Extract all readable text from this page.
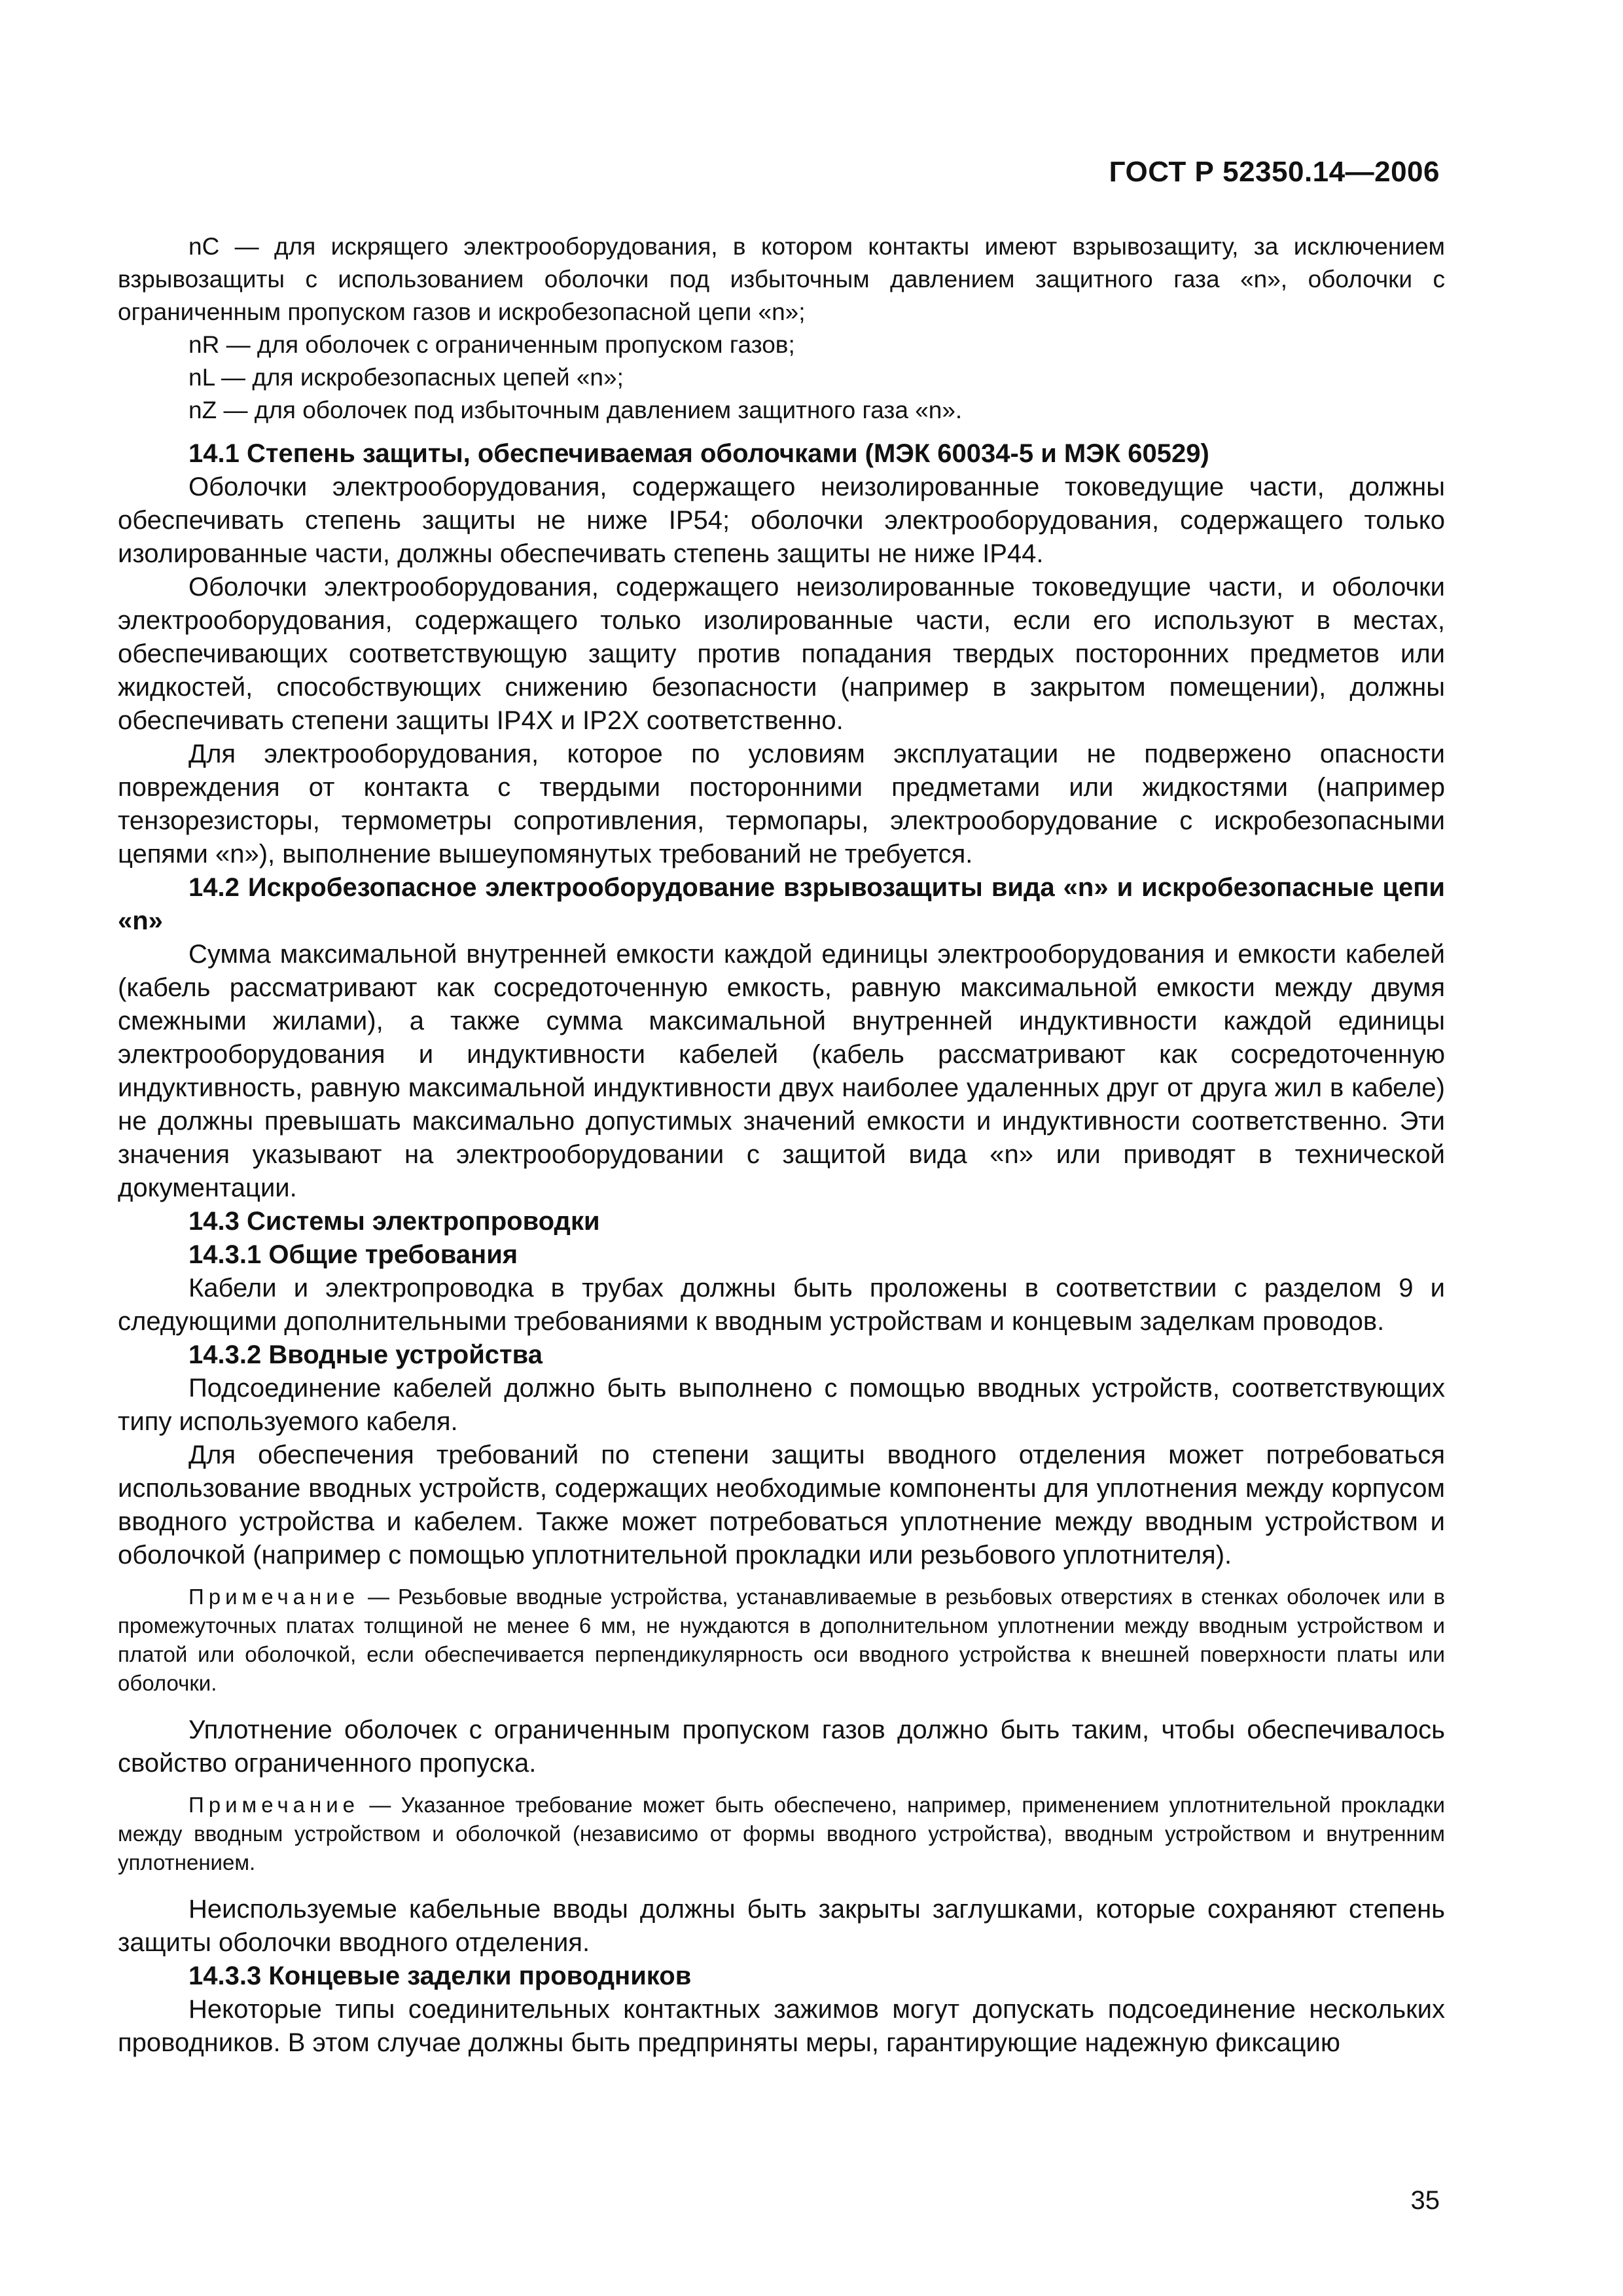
ГОСТ Р 52350.14—2006

nC — для искрящего электрооборудования, в котором контакты имеют взрывозащиту, за исключением взрывозащиты с использованием оболочки под избыточным давлением защитного газа «n», оболочки с ограниченным пропуском газов и искробезопасной цепи «n»;

nR — для оболочек с ограниченным пропуском газов;

nL — для искробезопасных цепей «n»;

nZ — для оболочек под избыточным давлением защитного газа «n».

14.1 Степень защиты, обеспечиваемая оболочками (МЭК 60034-5 и МЭК 60529)

Оболочки электрооборудования, содержащего неизолированные токоведущие части, должны обеспечивать степень защиты не ниже IP54; оболочки электрооборудования, содержащего только изолированные части, должны обеспечивать степень защиты не ниже IP44.

Оболочки электрооборудования, содержащего неизолированные токоведущие части, и оболочки электрооборудования, содержащего только изолированные части, если его используют в местах, обеспечивающих соответствующую защиту против попадания твердых посторонних предметов или жидкостей, способствующих снижению безопасности (например в закрытом помещении), должны обеспечивать степени защиты IP4X и IP2X соответственно.

Для электрооборудования, которое по условиям эксплуатации не подвержено опасности повреждения от контакта с твердыми посторонними предметами или жидкостями (например тензорезисторы, термометры сопротивления, термопары, электрооборудование с искробезопасными цепями «n»), выполнение вышеупомянутых требований не требуется.

14.2 Искробезопасное электрооборудование взрывозащиты вида «n» и искробезопасные цепи «n»

Сумма максимальной внутренней емкости каждой единицы электрооборудования и емкости кабелей (кабель рассматривают как сосредоточенную емкость, равную максимальной емкости между двумя смежными жилами), а также сумма максимальной внутренней индуктивности каждой единицы электрооборудования и индуктивности кабелей (кабель рассматривают как сосредоточенную индуктивность, равную максимальной индуктивности двух наиболее удаленных друг от друга жил в кабеле) не должны превышать максимально допустимых значений емкости и индуктивности соответственно. Эти значения указывают на электрооборудовании с защитой вида «n» или приводят в технической документации.

14.3 Системы электропроводки

14.3.1 Общие требования

Кабели и электропроводка в трубах должны быть проложены в соответствии с разделом 9 и следующими дополнительными требованиями к вводным устройствам и концевым заделкам проводов.

14.3.2 Вводные устройства

Подсоединение кабелей должно быть выполнено с помощью вводных устройств, соответствующих типу используемого кабеля.

Для обеспечения требований по степени защиты вводного отделения может потребоваться использование вводных устройств, содержащих необходимые компоненты для уплотнения между корпусом вводного устройства и кабелем. Также может потребоваться уплотнение между вводным устройством и оболочкой (например с помощью уплотнительной прокладки или резьбового уплотнителя).

Примечание — Резьбовые вводные устройства, устанавливаемые в резьбовых отверстиях в стенках оболочек или в промежуточных платах толщиной не менее 6 мм, не нуждаются в дополнительном уплотнении между вводным устройством и платой или оболочкой, если обеспечивается перпендикулярность оси вводного устройства к внешней поверхности платы или оболочки.

Уплотнение оболочек с ограниченным пропуском газов должно быть таким, чтобы обеспечивалось свойство ограниченного пропуска.

Примечание — Указанное требование может быть обеспечено, например, применением уплотнительной прокладки между вводным устройством и оболочкой (независимо от формы вводного устройства), вводным устройством и внутренним уплотнением.

Неиспользуемые кабельные вводы должны быть закрыты заглушками, которые сохраняют степень защиты оболочки вводного отделения.

14.3.3 Концевые заделки проводников

Некоторые типы соединительных контактных зажимов могут допускать подсоединение нескольких проводников. В этом случае должны быть предприняты меры, гарантирующие надежную фиксацию

35
